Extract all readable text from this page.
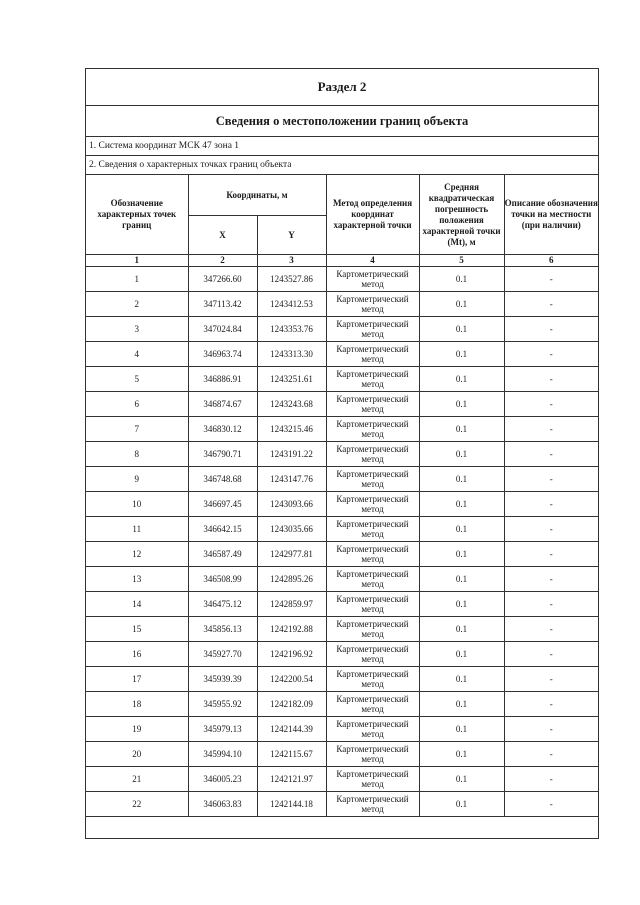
Раздел 2
Сведения о местоположении границ объекта
1. Система координат МСК 47 зона 1
2. Сведения о характерных точках границ объекта
Обозначение характерных точек границ	Координаты, м		Метод определения координат характерной точки	Средняя квадратическая погрешность положения характерной точки (Mt), м	Описание обозначения точки на местности (при наличии)
	X	Y			
1	2	3	4	5	6
1	347266.60	1243527.86	Картометрический метод	0.1	-
2	347113.42	1243412.53	Картометрический метод	0.1	-
3	347024.84	1243353.76	Картометрический метод	0.1	-
4	346963.74	1243313.30	Картометрический метод	0.1	-
5	346886.91	1243251.61	Картометрический метод	0.1	-
6	346874.67	1243243.68	Картометрический метод	0.1	-
7	346830.12	1243215.46	Картометрический метод	0.1	-
8	346790.71	1243191.22	Картометрический метод	0.1	-
9	346748.68	1243147.76	Картометрический метод	0.1	-
10	346697.45	1243093.66	Картометрический метод	0.1	-
11	346642.15	1243035.66	Картометрический метод	0.1	-
12	346587.49	1242977.81	Картометрический метод	0.1	-
13	346508.99	1242895.26	Картометрический метод	0.1	-
14	346475.12	1242859.97	Картометрический метод	0.1	-
15	345856.13	1242192.88	Картометрический метод	0.1	-
16	345927.70	1242196.92	Картометрический метод	0.1	-
17	345939.39	1242200.54	Картометрический метод	0.1	-
18	345955.92	1242182.09	Картометрический метод	0.1	-
19	345979.13	1242144.39	Картометрический метод	0.1	-
20	345994.10	1242115.67	Картометрический метод	0.1	-
21	346005.23	1242121.97	Картометрический метод	0.1	-
22	346063.83	1242144.18	Картометрический метод	0.1	-
